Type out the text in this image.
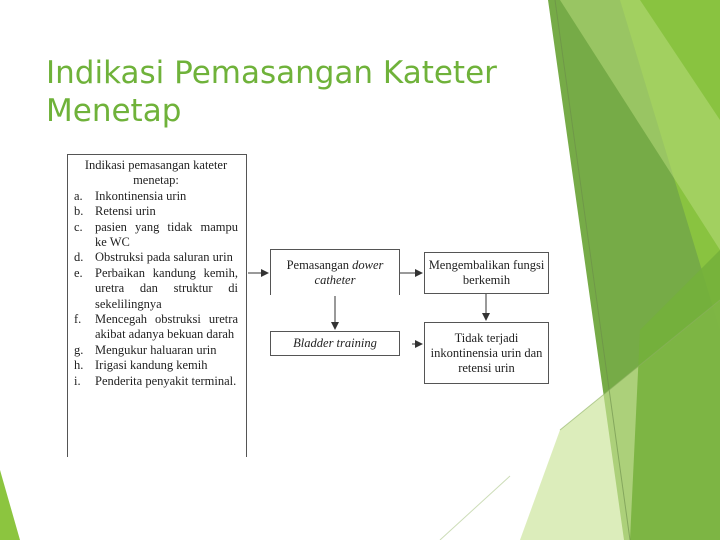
Indikasi Pemasangan Kateter Menetap
Indikasi pemasangan kateter menetap:
a. Inkontinensia urin
b. Retensi urin
c. pasien yang tidak mampu ke WC
d. Obstruksi pada saluran urin
e. Perbaikan kandung kemih, uretra dan struktur di sekelilingnya
f.	Mencegah obstruksi uretra akibat adanya bekuan darah
g. Mengukur haluaran urin
h. Irigasi kandung kemih
i.	Penderita penyakit terminal.
Pemasangan dower catheter
Mengembalikan fungsi berkemih
Bladder training	Tidak terjadi inkontinensia urin dan retensi urin
